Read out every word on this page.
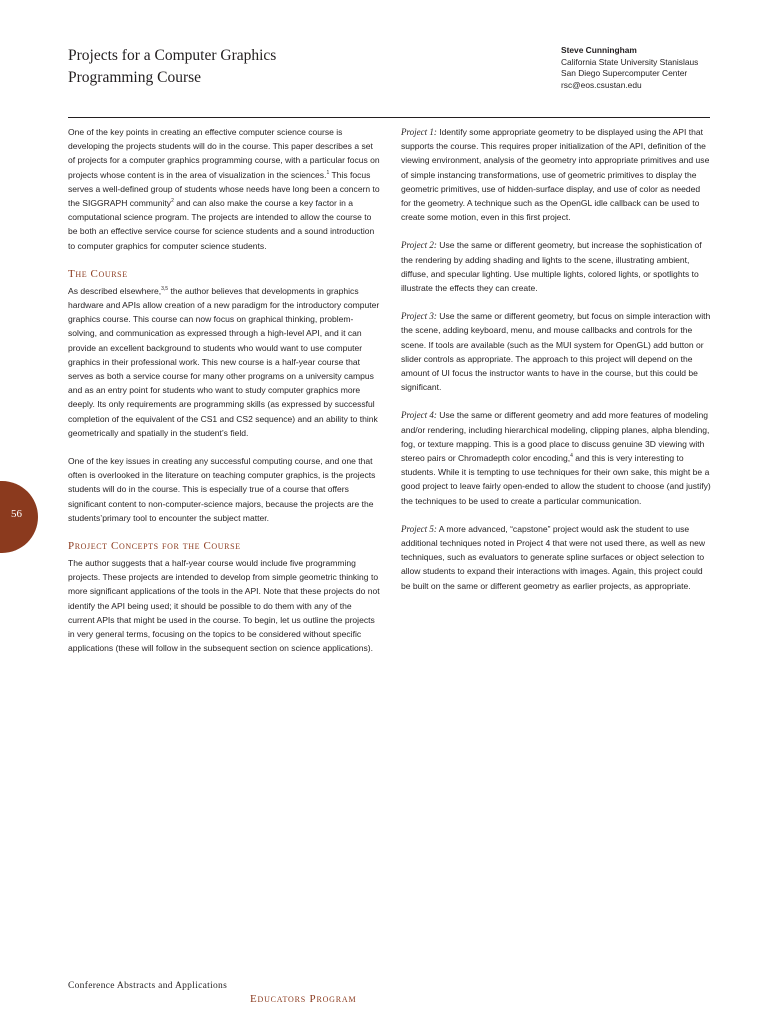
Projects for a Computer Graphics
Programming Course
Steve Cunningham
California State University Stanislaus
San Diego Supercomputer Center
rsc@eos.csustan.edu

One of the key points in creating an effective computer science course is developing the projects students will do in the course. This paper describes a set of projects for a computer graphics programming course, with a particular focus on projects whose content is in the area of visualization in the sciences.$^1$ This focus serves a well-defined group of students whose needs have long been a concern to the SIGGRAPH community$^2$ and can also make the course a key factor in a computational science program. The projects are intended to allow the course to be both an effective service course for science students and a sound introduction to computer graphics for computer science students.

The Course

As described elsewhere,$^{3,5}$ the author believes that developments in graphics hardware and APIs allow creation of a new paradigm for the introductory computer graphics course. This course can now focus on graphical thinking, problem-solving, and communication as expressed through a high-level API, and it can provide an excellent background to students who would want to use computer graphics in their professional work. This new course is a half-year course that serves as both a service course for many other programs on a university campus and as an entry point for students who want to study computer graphics more deeply. Its only requirements are programming skills (as expressed by successful completion of the equivalent of the CS1 and CS2 sequence) and an ability to think geometrically and spatially in the student’s field.

One of the key issues in creating any successful computing course, and one that often is overlooked in the literature on teaching computer graphics, is the projects students will do in the course. This is especially true of a course that offers significant content to non-computer-science majors, because the projects are the students’primary tool to encounter the subject matter.

Project Concepts for the Course

The author suggests that a half-year course would include five programming projects. These projects are intended to develop from simple geometric thinking to more significant applications of the tools in the API. Note that these projects do not identify the API being used; it should be possible to do them with any of the current APIs that might be used in the course. To begin, let us outline the projects in very general terms, focusing on the topics to be considered without specific applications (these will follow in the subsequent section on science applications).

Project 1: Identify some appropriate geometry to be displayed using the API that supports the course. This requires proper initialization of the API, definition of the viewing environment, analysis of the geometry into appropriate primitives and use of simple instancing transformations, use of geometric primitives to display the geometric primitives, use of hidden-surface display, and use of color as needed for the geometry. A technique such as the OpenGL idle callback can be used to create some motion, even in this first project.

Project 2: Use the same or different geometry, but increase the sophistication of the rendering by adding shading and lights to the scene, illustrating ambient, diffuse, and specular lighting. Use multiple lights, colored lights, or spotlights to illustrate the effects they can create.

Project 3: Use the same or different geometry, but focus on simple interaction with the scene, adding keyboard, menu, and mouse callbacks and controls for the scene. If tools are available (such as the MUI system for OpenGL) add button or slider controls as appropriate. The approach to this project will depend on the amount of UI focus the instructor wants to have in the course, but this could be significant.

Project 4: Use the same or different geometry and add more features of modeling and/or rendering, including hierarchical modeling, clipping planes, alpha blending, fog, or texture mapping. This is a good place to discuss genuine 3D viewing with stereo pairs or Chromadepth color encoding,$^4$ and this is very interesting to students. While it is tempting to use techniques for their own sake, this might be a good project to leave fairly open-ended to allow the student to choose (and justify) the techniques to be used to create a particular communication.

Project 5: A more advanced, “capstone” project would ask the student to use additional techniques noted in Project 4 that were not used there, as well as new techniques, such as evaluators to generate spline surfaces or object selection to allow students to expand their interactions with images. Again, this project could be built on the same or different geometry as earlier projects, as appropriate.

56
Conference Abstracts and Applications
Educators Program
